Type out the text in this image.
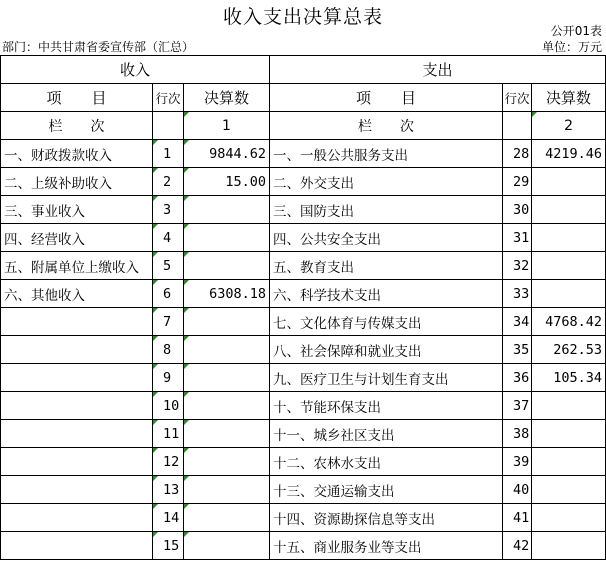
收入支出决算总表
公开01表
部门：中共甘肃省委宣传部（汇总）	单位：万元
收入			支出		
项　　目	行次	决算数	项　　目	行次	决算数
栏　　次		1	栏　　次		2
一、财政拨款收入	1	9844.62	一、一般公共服务支出	28	4219.46
二、上级补助收入	2	15.00	二、外交支出	29	
三、事业收入	3		三、国防支出	30	
四、经营收入	4		四、公共安全支出	31	
五、附属单位上缴收入	5		五、教育支出	32	
六、其他收入	6	6308.18	六、科学技术支出	33	
	7		七、文化体育与传媒支出	34	4768.42
	8		八、社会保障和就业支出	35	262.53
	9		九、医疗卫生与计划生育支出	36	105.34
	10		十、节能环保支出	37	
	11		十一、城乡社区支出	38	
	12		十二、农林水支出	39	
	13		十三、交通运输支出	40	
	14		十四、资源勘探信息等支出	41	
	15		十五、商业服务业等支出	42	
